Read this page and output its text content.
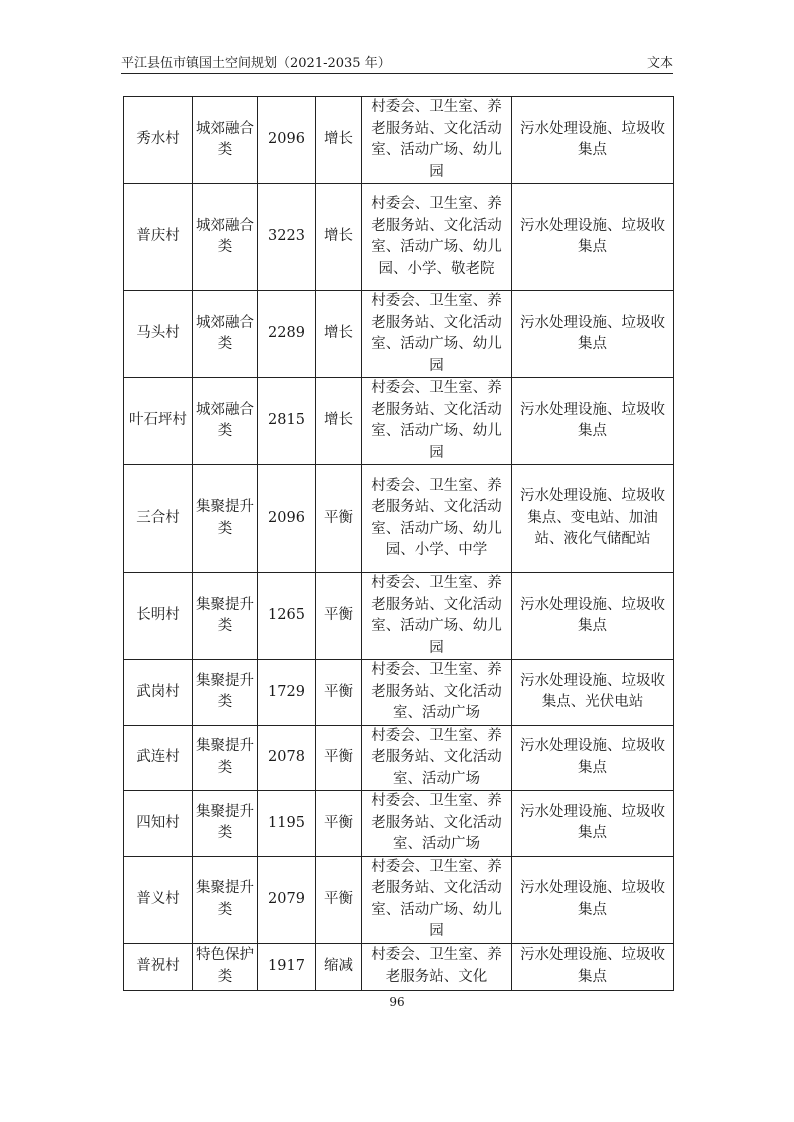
平江县伍市镇国土空间规划（2021-2035 年）	文本
秀水村	城郊融合类	2096	增长	村委会、卫生室、养老服务站、文化活动室、活动广场、幼儿园	污水处理设施、垃圾收集点
普庆村	城郊融合类	3223	增长	村委会、卫生室、养老服务站、文化活动室、活动广场、幼儿园、小学、敬老院	污水处理设施、垃圾收集点
马头村	城郊融合类	2289	增长	村委会、卫生室、养老服务站、文化活动室、活动广场、幼儿园	污水处理设施、垃圾收集点
叶石坪村	城郊融合类	2815	增长	村委会、卫生室、养老服务站、文化活动室、活动广场、幼儿园	污水处理设施、垃圾收集点
三合村	集聚提升类	2096	平衡	村委会、卫生室、养老服务站、文化活动室、活动广场、幼儿园、小学、中学	污水处理设施、垃圾收集点、变电站、加油站、液化气储配站
长明村	集聚提升类	1265	平衡	村委会、卫生室、养老服务站、文化活动室、活动广场、幼儿园	污水处理设施、垃圾收集点
武岗村	集聚提升类	1729	平衡	村委会、卫生室、养老服务站、文化活动室、活动广场	污水处理设施、垃圾收集点、光伏电站
武连村	集聚提升类	2078	平衡	村委会、卫生室、养老服务站、文化活动室、活动广场	污水处理设施、垃圾收集点
四知村	集聚提升类	1195	平衡	村委会、卫生室、养老服务站、文化活动室、活动广场	污水处理设施、垃圾收集点
普义村	集聚提升类	2079	平衡	村委会、卫生室、养老服务站、文化活动室、活动广场、幼儿园	污水处理设施、垃圾收集点
普祝村	特色保护类	1917	缩减	村委会、卫生室、养老服务站、文化	污水处理设施、垃圾收集点
96
